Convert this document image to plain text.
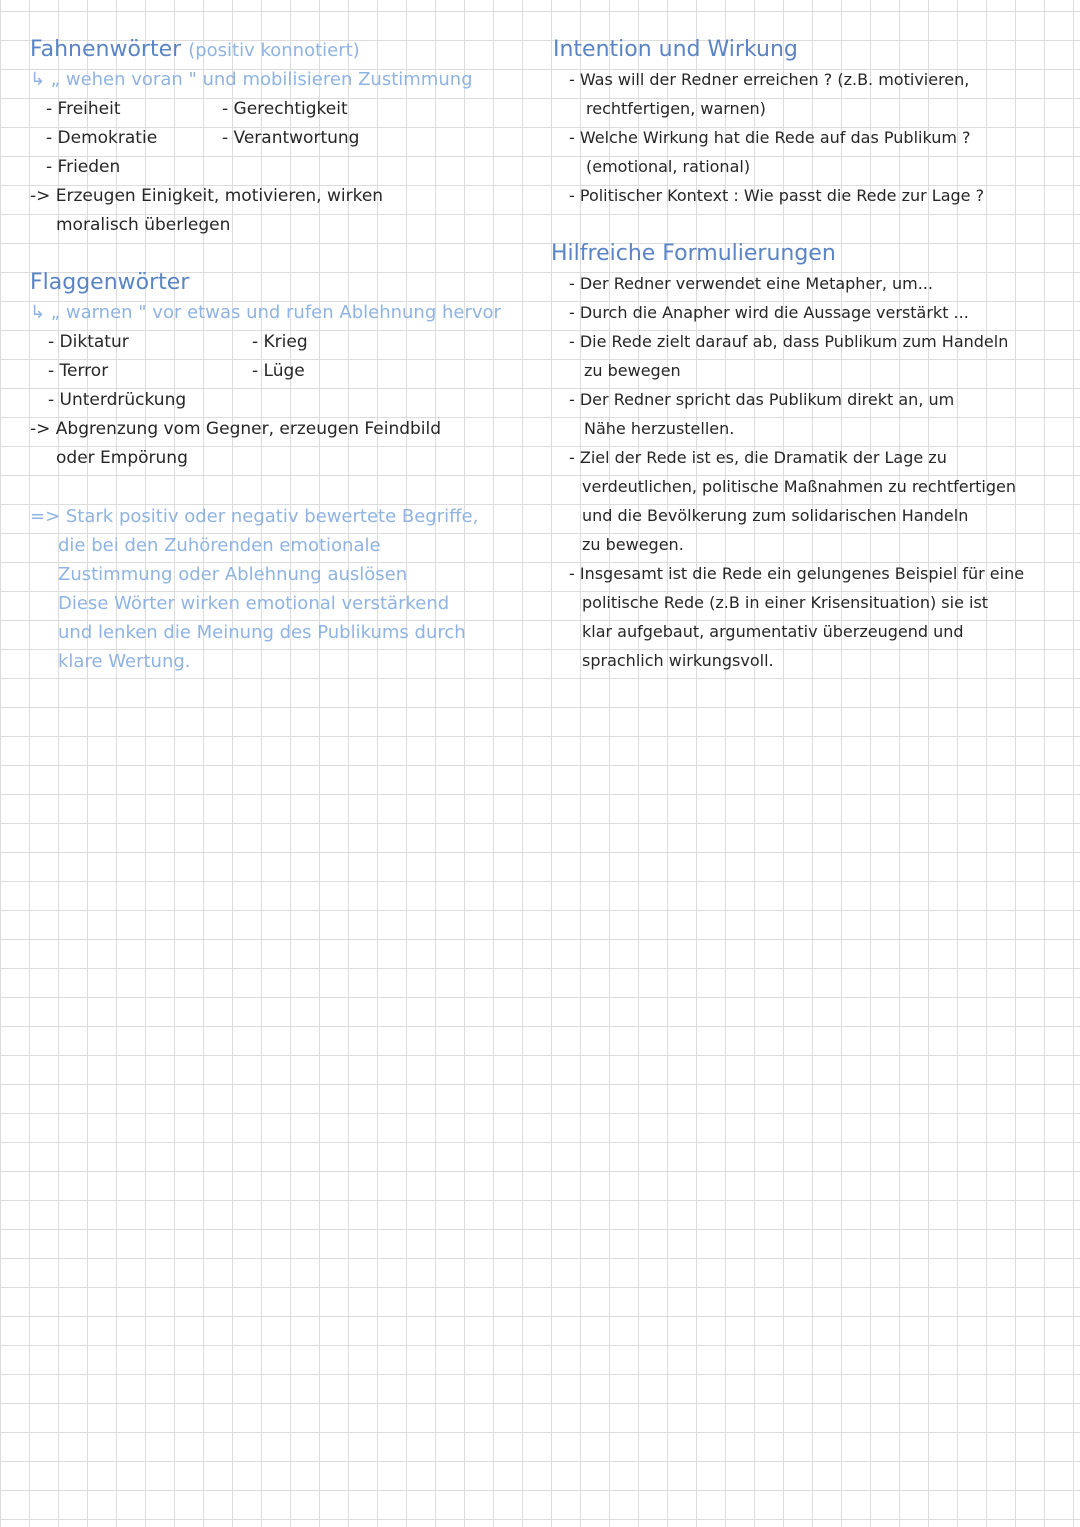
Fahnenwörter (positiv konnotiert)
↳ „ wehen voran " und mobilisieren Zustimmung
- Freiheit	- Gerechtigkeit
- Demokratie	- Verantwortung
- Frieden
-> Erzeugen Einigkeit, motivieren, wirken
moralisch überlegen
Flaggenwörter
↳ „ warnen " vor etwas und rufen Ablehnung hervor
- Diktatur	- Krieg
- Terror	- Lüge
- Unterdrückung
-> Abgrenzung vom Gegner, erzeugen Feindbild
oder Empörung
=> Stark positiv oder negativ bewertete Begriffe,
die bei den Zuhörenden emotionale
Zustimmung oder Ablehnung auslösen
Diese Wörter wirken emotional verstärkend
und lenken die Meinung des Publikums durch
klare Wertung.
Intention und Wirkung
- Was will der Redner erreichen ? (z.B. motivieren,
rechtfertigen, warnen)
- Welche Wirkung hat die Rede auf das Publikum ?
(emotional, rational)
- Politischer Kontext : Wie passt die Rede zur Lage ?
Hilfreiche Formulierungen
- Der Redner verwendet eine Metapher, um...
- Durch die Anapher wird die Aussage verstärkt ...
- Die Rede zielt darauf ab, dass Publikum zum Handeln
zu bewegen
- Der Redner spricht das Publikum direkt an, um
Nähe herzustellen.
- Ziel der Rede ist es, die Dramatik der Lage zu
verdeutlichen, politische Maßnahmen zu rechtfertigen
und die Bevölkerung zum solidarischen Handeln
zu bewegen.
- Insgesamt ist die Rede ein gelungenes Beispiel für eine
politische Rede (z.B in einer Krisensituation) sie ist
klar aufgebaut, argumentativ überzeugend und
sprachlich wirkungsvoll.
